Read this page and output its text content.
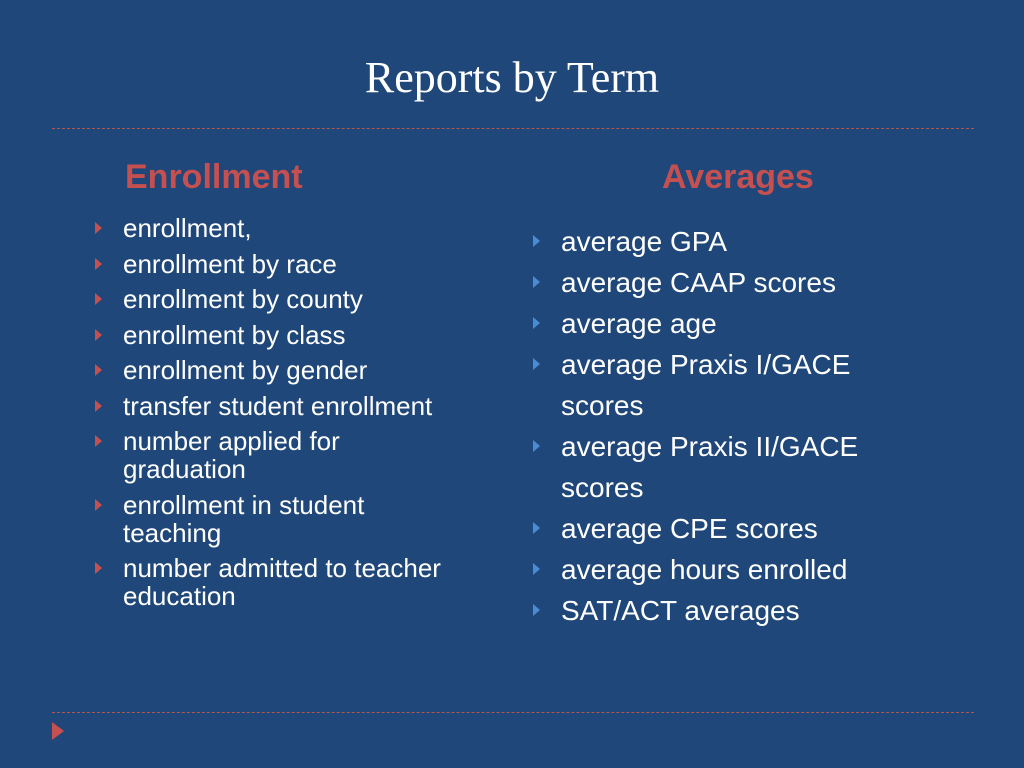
Reports by Term
Enrollment	Averages
enrollment,
enrollment by race
enrollment by county
enrollment by class
enrollment by gender
transfer student enrollment
number applied for graduation
enrollment in student teaching
number admitted to teacher education
average GPA
average CAAP scores
average age
average Praxis I/GACE scores
average Praxis II/GACE scores
average CPE scores
average hours enrolled
SAT/ACT averages
